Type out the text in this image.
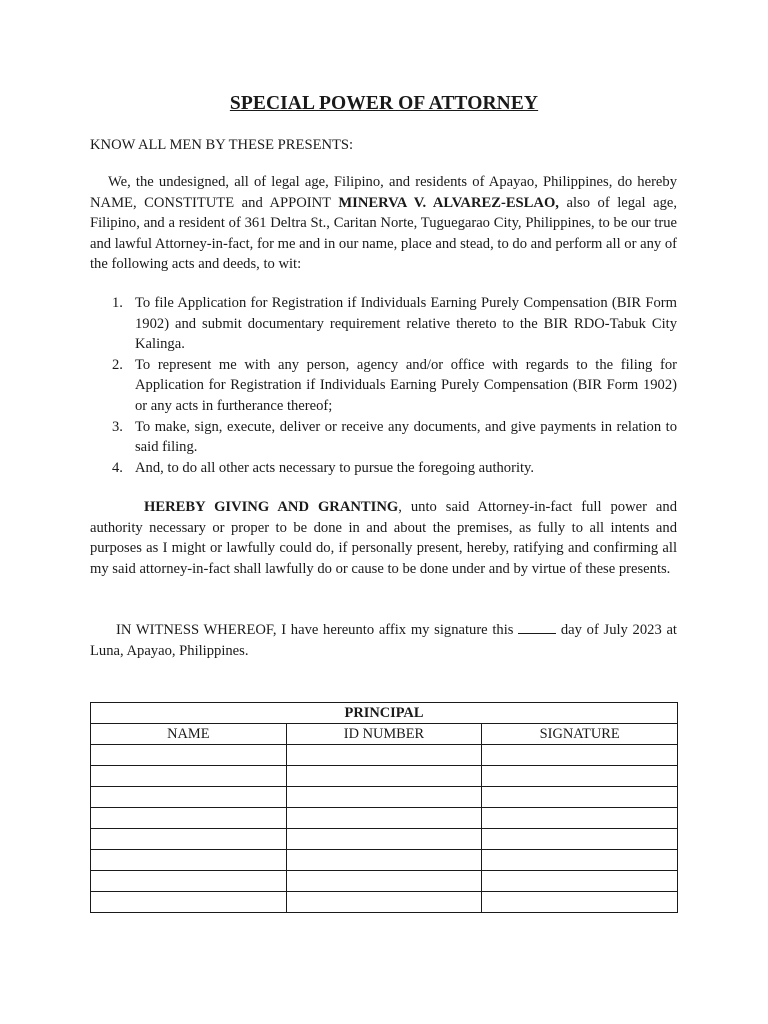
SPECIAL POWER OF ATTORNEY
KNOW ALL MEN BY THESE PRESENTS:
We, the undesigned, all of legal age, Filipino, and residents of Apayao, Philippines, do hereby NAME, CONSTITUTE and APPOINT MINERVA V. ALVAREZ-ESLAO, also of legal age, Filipino, and a resident of 361 Deltra St., Caritan Norte, Tuguegarao City, Philippines, to be our true and lawful Attorney-in-fact, for me and in our name, place and stead, to do and perform all or any of the following acts and deeds, to wit:
1. To file Application for Registration if Individuals Earning Purely Compensation (BIR Form 1902) and submit documentary requirement relative thereto to the BIR RDO-Tabuk City Kalinga.
2. To represent me with any person, agency and/or office with regards to the filing for Application for Registration if Individuals Earning Purely Compensation (BIR Form 1902) or any acts in furtherance thereof;
3. To make, sign, execute, deliver or receive any documents, and give payments in relation to said filing.
4. And, to do all other acts necessary to pursue the foregoing authority.
HEREBY GIVING AND GRANTING, unto said Attorney-in-fact full power and authority necessary or proper to be done in and about the premises, as fully to all intents and purposes as I might or lawfully could do, if personally present, hereby, ratifying and confirming all my said attorney-in-fact shall lawfully do or cause to be done under and by virtue of these presents.
IN WITNESS WHEREOF, I have hereunto affix my signature this	day of July 2023 at Luna, Apayao, Philippines.
PRINCIPAL		
NAME	ID NUMBER	SIGNATURE
